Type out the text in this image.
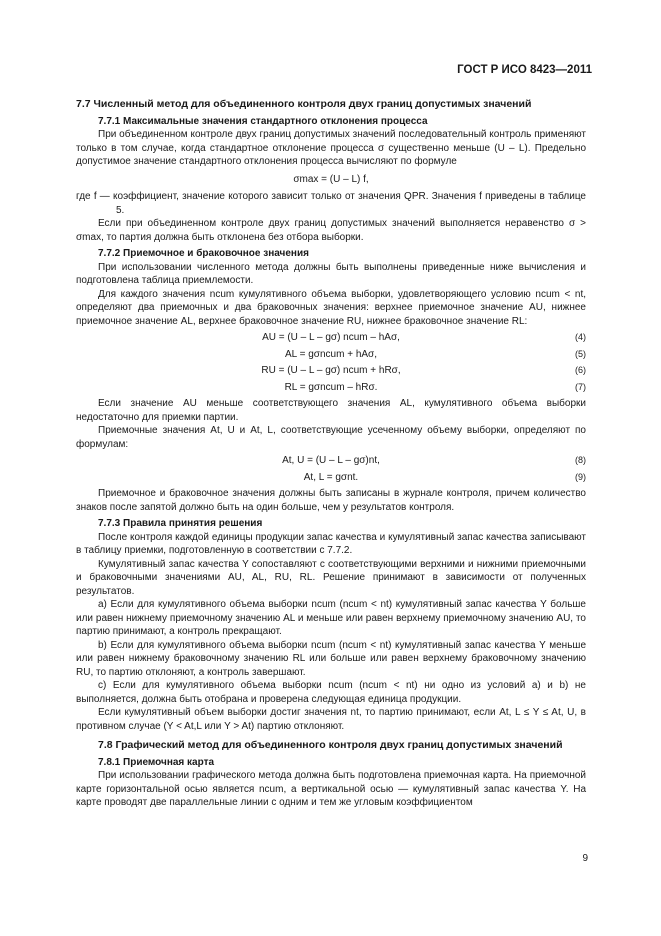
ГОСТ Р ИСО 8423—2011

7.7 Численный метод для объединенного контроля двух границ допустимых значений

7.7.1 Максимальные значения стандартного отклонения процесса

При объединенном контроле двух границ допустимых значений последовательный контроль применяют только в том случае, когда стандартное отклонение процесса σ существенно меньше (U – L). Предельно допустимое значение стандартного отклонения процесса вычисляют по формуле

σmax = (U – L) f,

где f — коэффициент, значение которого зависит только от значения QPR. Значения f приведены в таблице 5.

Если при объединенном контроле двух границ допустимых значений выполняется неравенство σ > σmax, то партия должна быть отклонена без отбора выборки.

7.7.2 Приемочное и браковочное значения

При использовании численного метода должны быть выполнены приведенные ниже вычисления и подготовлена таблица приемлемости.

Для каждого значения ncum кумулятивного объема выборки, удовлетворяющего условию ncum < nt, определяют два приемочных и два браковочных значения: верхнее приемочное значение AU, нижнее приемочное значение AL, верхнее браковочное значение RU, нижнее браковочное значение RL:

AU = (U – L – gσ) ncum – hAσ,	(4)

AL = gσncum + hAσ,	(5)

RU = (U – L – gσ) ncum + hRσ,	(6)

RL = gσncum – hRσ.	(7)

Если значение AU меньше соответствующего значения AL, кумулятивного объема выборки недостаточно для приемки партии.

Приемочные значения At, U и At, L, соответствующие усеченному объему выборки, определяют по формулам:

At, U = (U – L – gσ)nt,	(8)

At, L = gσnt.	(9)

Приемочное и браковочное значения должны быть записаны в журнале контроля, причем количество знаков после запятой должно быть на один больше, чем у результатов контроля.

7.7.3 Правила принятия решения

После контроля каждой единицы продукции запас качества и кумулятивный запас качества записывают в таблицу приемки, подготовленную в соответствии с 7.7.2.

Кумулятивный запас качества Y сопоставляют с соответствующими верхними и нижними приемочными и браковочными значениями AU, AL, RU, RL. Решение принимают в зависимости от полученных результатов.

а) Если для кумулятивного объема выборки ncum (ncum < nt) кумулятивный запас качества Y больше или равен нижнему приемочному значению AL и меньше или равен верхнему приемочному значению AU, то партию принимают, а контроль прекращают.

b) Если для кумулятивного объема выборки ncum (ncum < nt) кумулятивный запас качества Y меньше или равен нижнему браковочному значению RL или больше или равен верхнему браковочному значению RU, то партию отклоняют, а контроль завершают.

с) Если для кумулятивного объема выборки ncum (ncum < nt) ни одно из условий а) и b) не выполняется, должна быть отобрана и проверена следующая единица продукции.

Если кумулятивный объем выборки достиг значения nt, то партию принимают, если At, L ≤ Y ≤ At, U, в противном случае (Y < At,L или Y > At) партию отклоняют.

7.8 Графический метод для объединенного контроля двух границ допустимых значений

7.8.1 Приемочная карта

При использовании графического метода должна быть подготовлена приемочная карта. На приемочной карте горизонтальной осью является ncum, а вертикальной осью — кумулятивный запас качества Y. На карте проводят две параллельные линии с одним и тем же угловым коэффициентом

9
